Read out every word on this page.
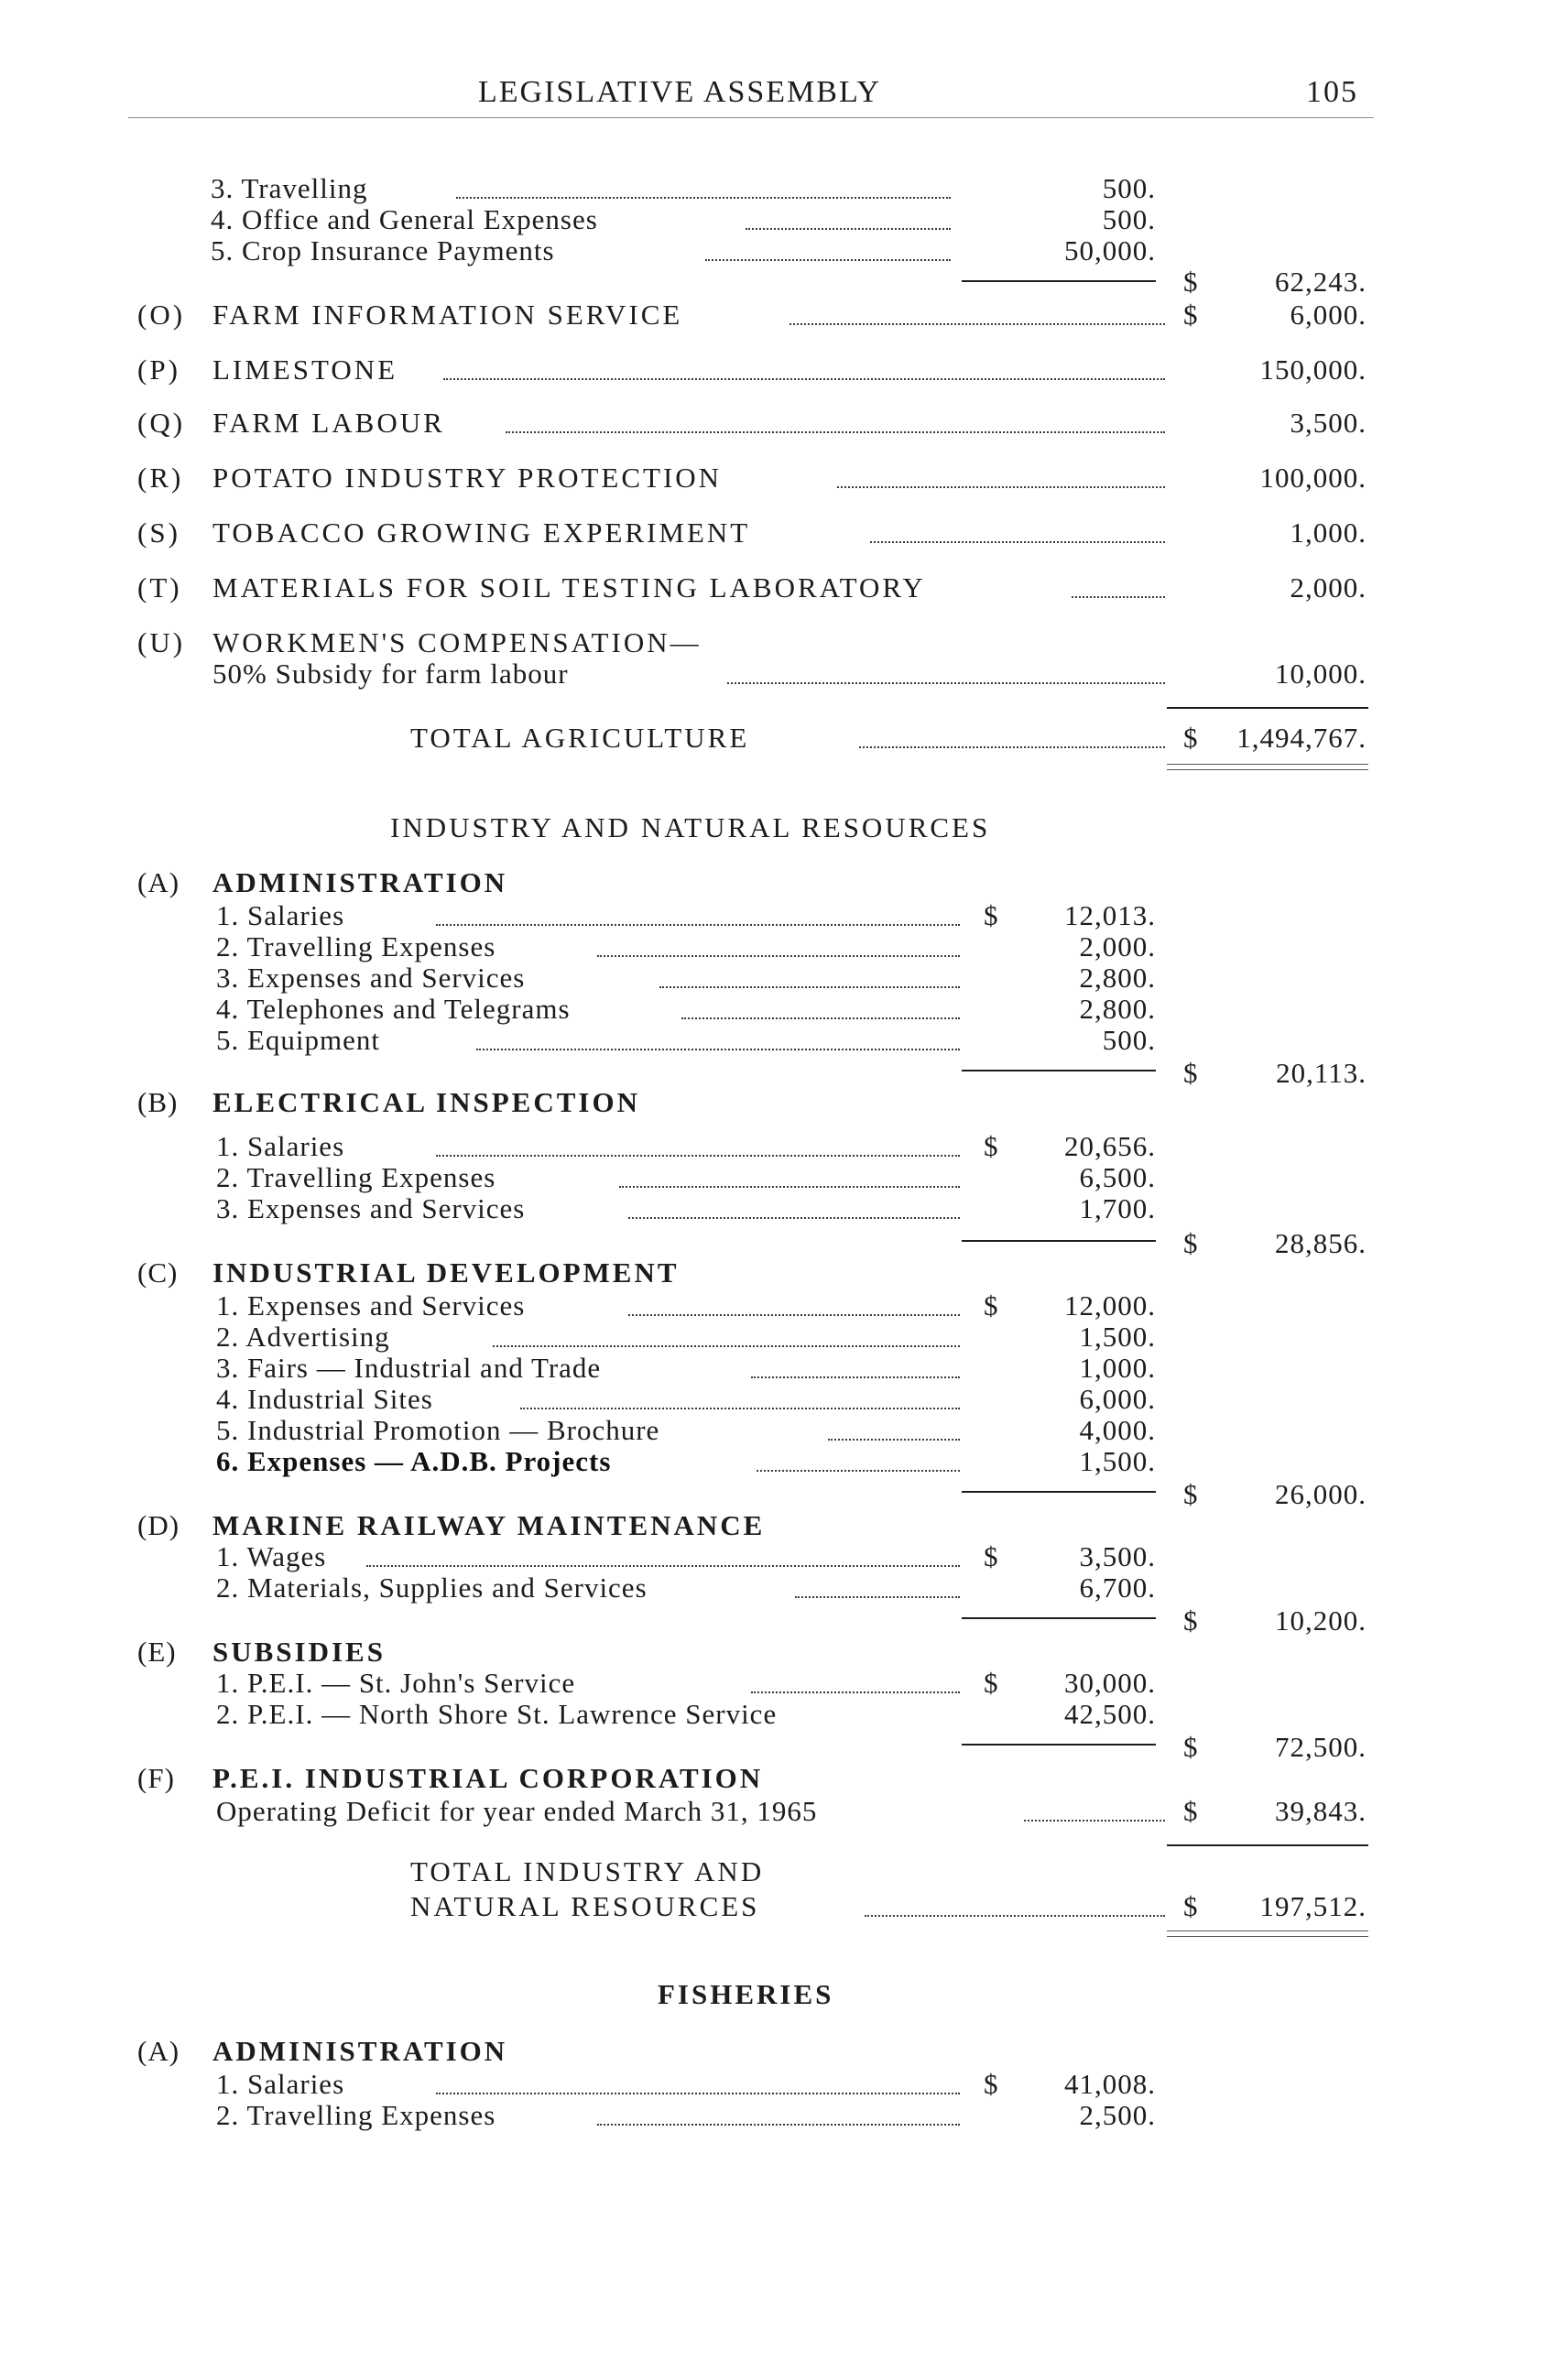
LEGISLATIVE ASSEMBLY	105
3. Travelling	500.
4. Office and General Expenses	500.
5. Crop Insurance Payments	50,000.
$	62,243.
(O) FARM INFORMATION SERVICE	$	6,000.
(P) LIMESTONE	150,000.
(Q) FARM LABOUR	3,500.
(R) POTATO INDUSTRY PROTECTION	100,000.
(S) TOBACCO GROWING EXPERIMENT	1,000.
(T) MATERIALS FOR SOIL TESTING LABORATORY	2,000.
(U) WORKMEN'S COMPENSATION—
50% Subsidy for farm labour	10,000.
TOTAL AGRICULTURE	$	1,494,767.
INDUSTRY AND NATURAL RESOURCES
(A) ADMINISTRATION
1. Salaries	$	12,013.
2. Travelling Expenses	2,000.
3. Expenses and Services	2,800.
4. Telephones and Telegrams	2,800.
5. Equipment	500.
$	20,113.
(B) ELECTRICAL INSPECTION
1. Salaries	$	20,656.
2. Travelling Expenses	6,500.
3. Expenses and Services	1,700.
$	28,856.
(C) INDUSTRIAL DEVELOPMENT
1. Expenses and Services	$	12,000.
2. Advertising	1,500.
3. Fairs — Industrial and Trade	1,000.
4. Industrial Sites	6,000.
5. Industrial Promotion — Brochure	4,000.
6. Expenses — A.D.B. Projects	1,500.
$	26,000.
(D) MARINE RAILWAY MAINTENANCE
1. Wages	$	3,500.
2. Materials, Supplies and Services	6,700.
$	10,200.
(E) SUBSIDIES
1. P.E.I. — St. John's Service	$	30,000.
2. P.E.I. — North Shore St. Lawrence Service	42,500.
$	72,500.
(F) P.E.I. INDUSTRIAL CORPORATION
Operating Deficit for year ended March 31, 1965	$	39,843.
TOTAL INDUSTRY AND
NATURAL RESOURCES	$	197,512.
FISHERIES
(A) ADMINISTRATION
1. Salaries	$	41,008.
2. Travelling Expenses	2,500.
